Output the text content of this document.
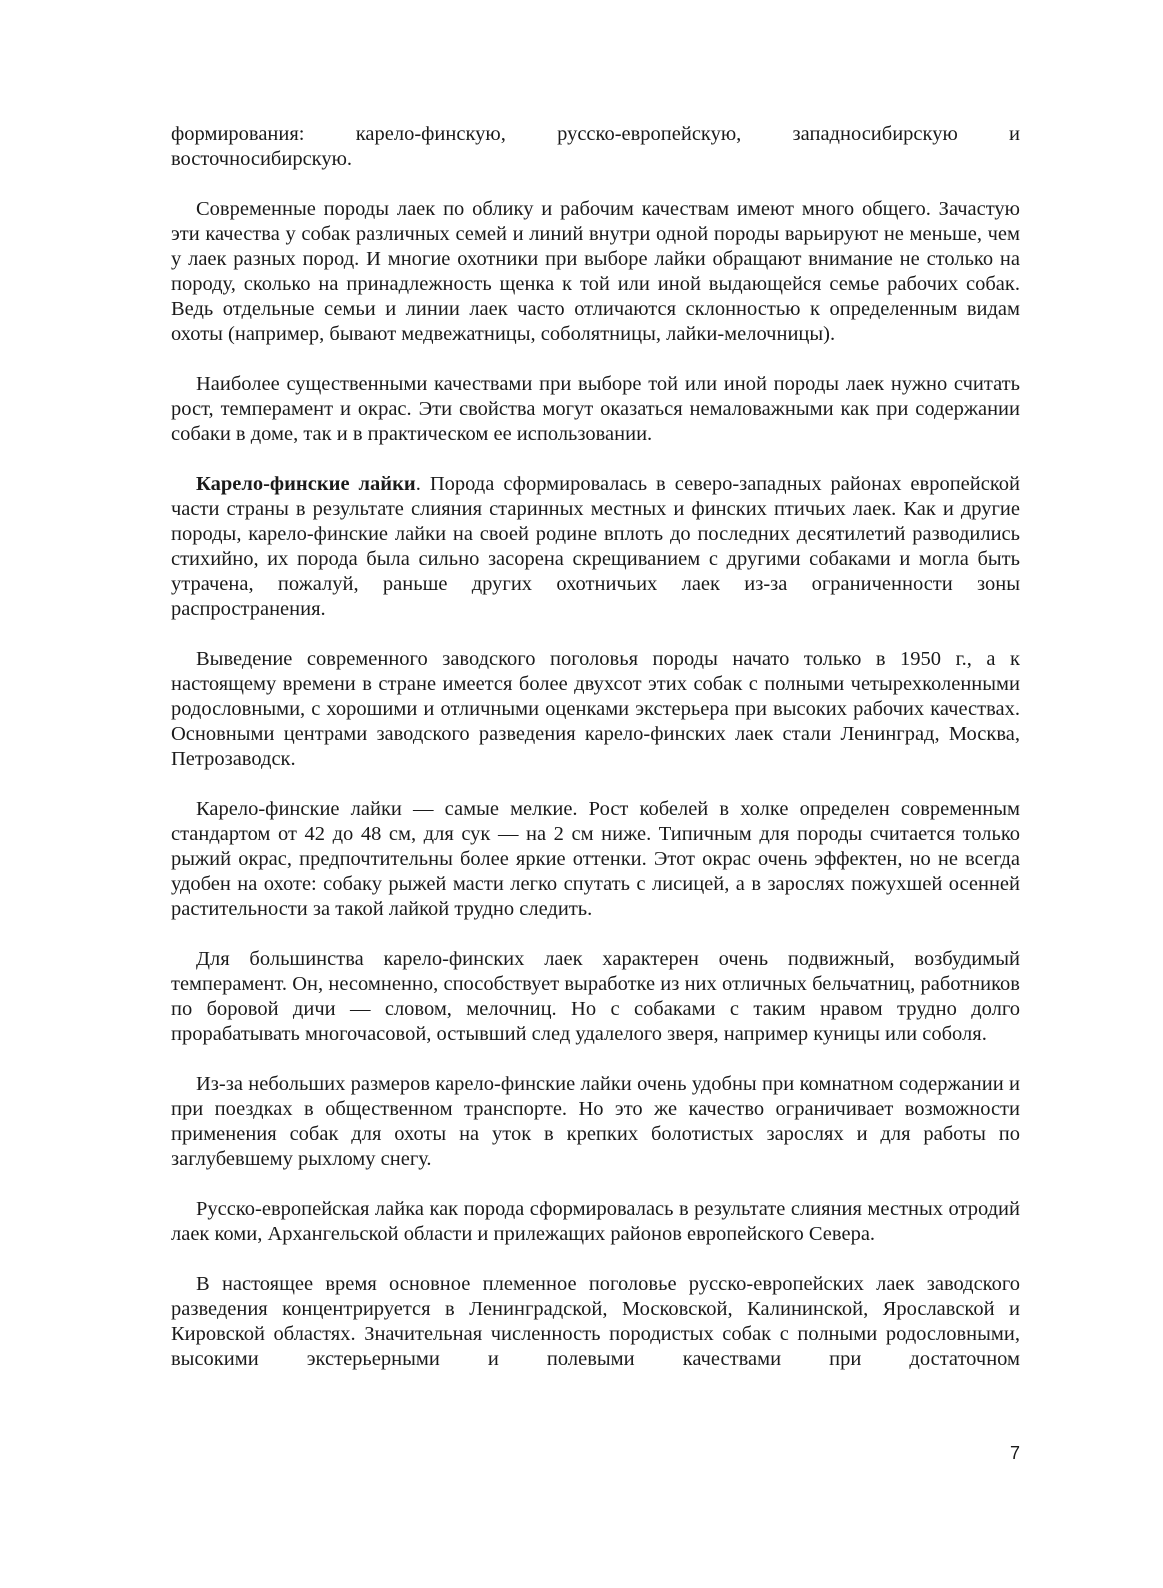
формирования: карело-финскую, русско-европейскую, западносибирскую и восточносибирскую.

Современные породы лаек по облику и рабочим качествам имеют много общего. Зачастую эти качества у собак различных семей и линий внутри одной породы варьируют не меньше, чем у лаек разных пород. И многие охотники при выборе лайки обращают внимание не столько на породу, сколько на принадлежность щенка к той или иной выдающейся семье рабочих собак. Ведь отдельные семьи и линии лаек часто отличаются склонностью к определенным видам охоты (например, бывают медвежатницы, соболятницы, лайки-мелочницы).

Наиболее существенными качествами при выборе той или иной породы лаек нужно считать рост, темперамент и окрас. Эти свойства могут оказаться немаловажными как при содержании собаки в доме, так и в практическом ее использовании.

Карело-финские лайки. Порода сформировалась в северо-западных районах европейской части страны в результате слияния старинных местных и финских птичьих лаек. Как и другие породы, карело-финские лайки на своей родине вплоть до последних десятилетий разводились стихийно, их порода была сильно засорена скрещиванием с другими собаками и могла быть утрачена, пожалуй, раньше других охотничьих лаек из-за ограниченности зоны распространения.

Выведение современного заводского поголовья породы начато только в 1950 г., а к настоящему времени в стране имеется более двухсот этих собак с полными четырехколенными родословными, с хорошими и отличными оценками экстерьера при высоких рабочих качествах. Основными центрами заводского разведения карело-финских лаек стали Ленинград, Москва, Петрозаводск.

Карело-финские лайки — самые мелкие. Рост кобелей в холке определен современным стандартом от 42 до 48 см, для сук — на 2 см ниже. Типичным для породы считается только рыжий окрас, предпочтительны более яркие оттенки. Этот окрас очень эффектен, но не всегда удобен на охоте: собаку рыжей масти легко спутать с лисицей, а в зарослях пожухшей осенней растительности за такой лайкой трудно следить.

Для большинства карело-финских лаек характерен очень подвижный, возбудимый темперамент. Он, несомненно, способствует выработке из них отличных бельчатниц, работников по боровой дичи — словом, мелочниц. Но с собаками с таким нравом трудно долго прорабатывать многочасовой, остывший след удалелого зверя, например куницы или соболя.

Из-за небольших размеров карело-финские лайки очень удобны при комнатном содержании и при поездках в общественном транспорте. Но это же качество ограничивает возможности применения собак для охоты на уток в крепких болотистых зарослях и для работы по заглубевшему рыхлому снегу.

Русско-европейская лайка как порода сформировалась в результате слияния местных отродий лаек коми, Архангельской области и прилежащих районов европейского Севера.

В настоящее время основное племенное поголовье русско-европейских лаек заводского разведения концентрируется в Ленинградской, Московской, Калининской, Ярославской и Кировской областях. Значительная численность породистых собак с полными родословными, высокими экстерьерными и полевыми качествами при достаточном

7
